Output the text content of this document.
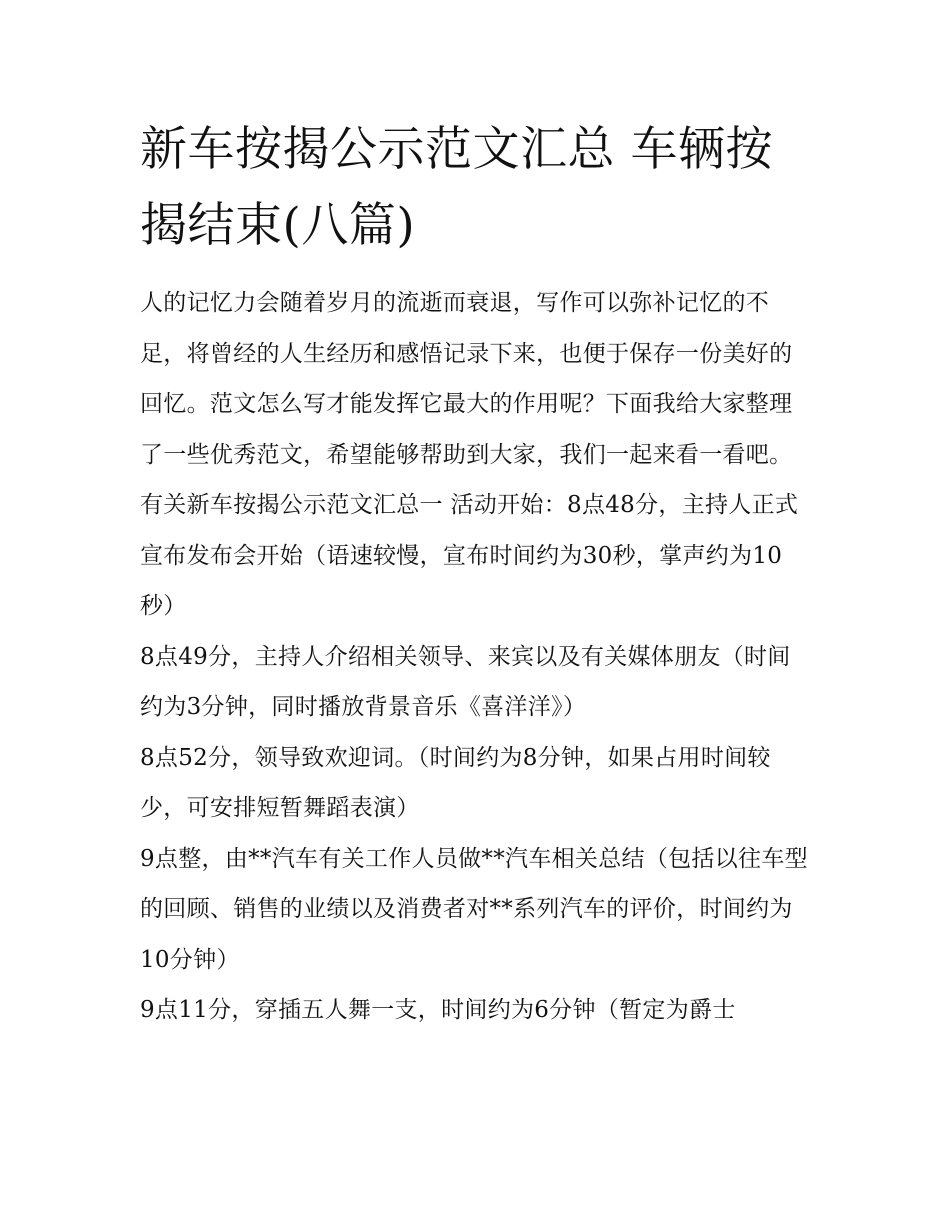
新车按揭公示范文汇总 车辆按揭结束(八篇)

人的记忆力会随着岁月的流逝而衰退，写作可以弥补记忆的不足，将曾经的人生经历和感悟记录下来，也便于保存一份美好的回忆。范文怎么写才能发挥它最大的作用呢？下面我给大家整理了一些优秀范文，希望能够帮助到大家，我们一起来看一看吧。

有关新车按揭公示范文汇总一 活动开始：8点48分，主持人正式宣布发布会开始（语速较慢，宣布时间约为30秒，掌声约为10秒）

8点49分，主持人介绍相关领导、来宾以及有关媒体朋友（时间约为3分钟，同时播放背景音乐《喜洋洋》）

8点52分，领导致欢迎词。（时间约为8分钟，如果占用时间较少，可安排短暂舞蹈表演）

9点整，由**汽车有关工作人员做**汽车相关总结（包括以往车型的回顾、销售的业绩以及消费者对**系列汽车的评价，时间约为10分钟）

9点11分，穿插五人舞一支，时间约为6分钟（暂定为爵士
